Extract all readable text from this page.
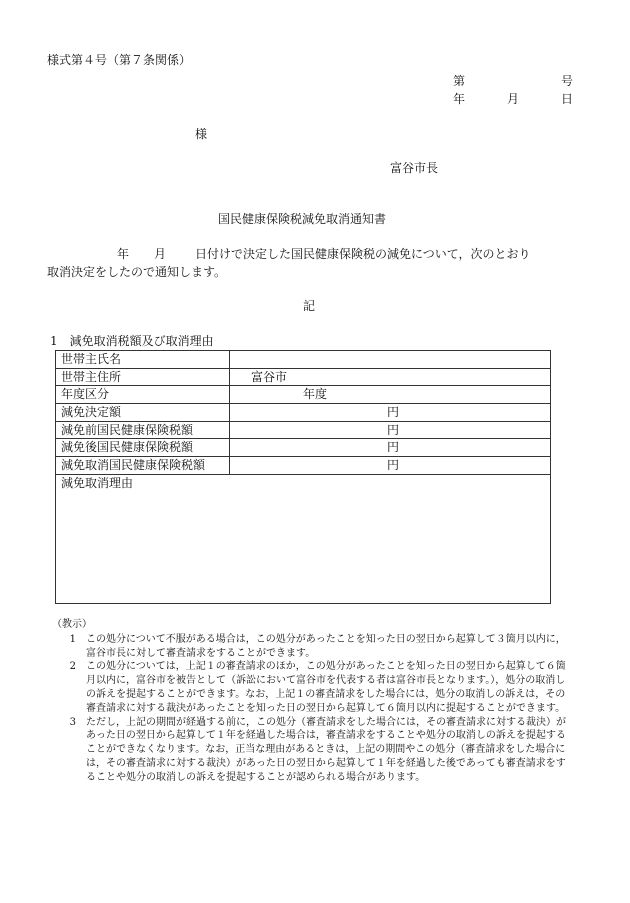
様式第４号（第７条関係）
第	号
年	月	日
様
富谷市長
国民健康保険税減免取消通知書
年 月 日付けで決定した国民健康保険税の減免について，次のとおり
取消決定をしたので通知します。
記
1　減免取消税額及び取消理由
世帯主氏名
世帯主住所	富谷市
年度区分	年度
減免決定額	円
減免前国民健康保険税額	円
減免後国民健康保険税額	円
減免取消国民健康保険税額	円
減免取消理由
（教示）
1	この処分について不服がある場合は，この処分があったことを知った日の翌日から起算して３箇月以内に，富谷市長に対して審査請求をすることができます。
2	この処分については，上記１の審査請求のほか，この処分があったことを知った日の翌日から起算して６箇月以内に，富谷市を被告として（訴訟において富谷市を代表する者は富谷市長となります。），処分の取消しの訴えを提起することができます。なお，上記１の審査請求をした場合には，処分の取消しの訴えは，その審査請求に対する裁決があったことを知った日の翌日から起算して６箇月以内に提起することができます。
3	ただし，上記の期間が経過する前に，この処分（審査請求をした場合には，その審査請求に対する裁決）があった日の翌日から起算して１年を経過した場合は，審査請求をすることや処分の取消しの訴えを提起することができなくなります。なお，正当な理由があるときは，上記の期間やこの処分（審査請求をした場合には，その審査請求に対する裁決）があった日の翌日から起算して１年を経過した後であっても審査請求をすることや処分の取消しの訴えを提起することが認められる場合があります。
